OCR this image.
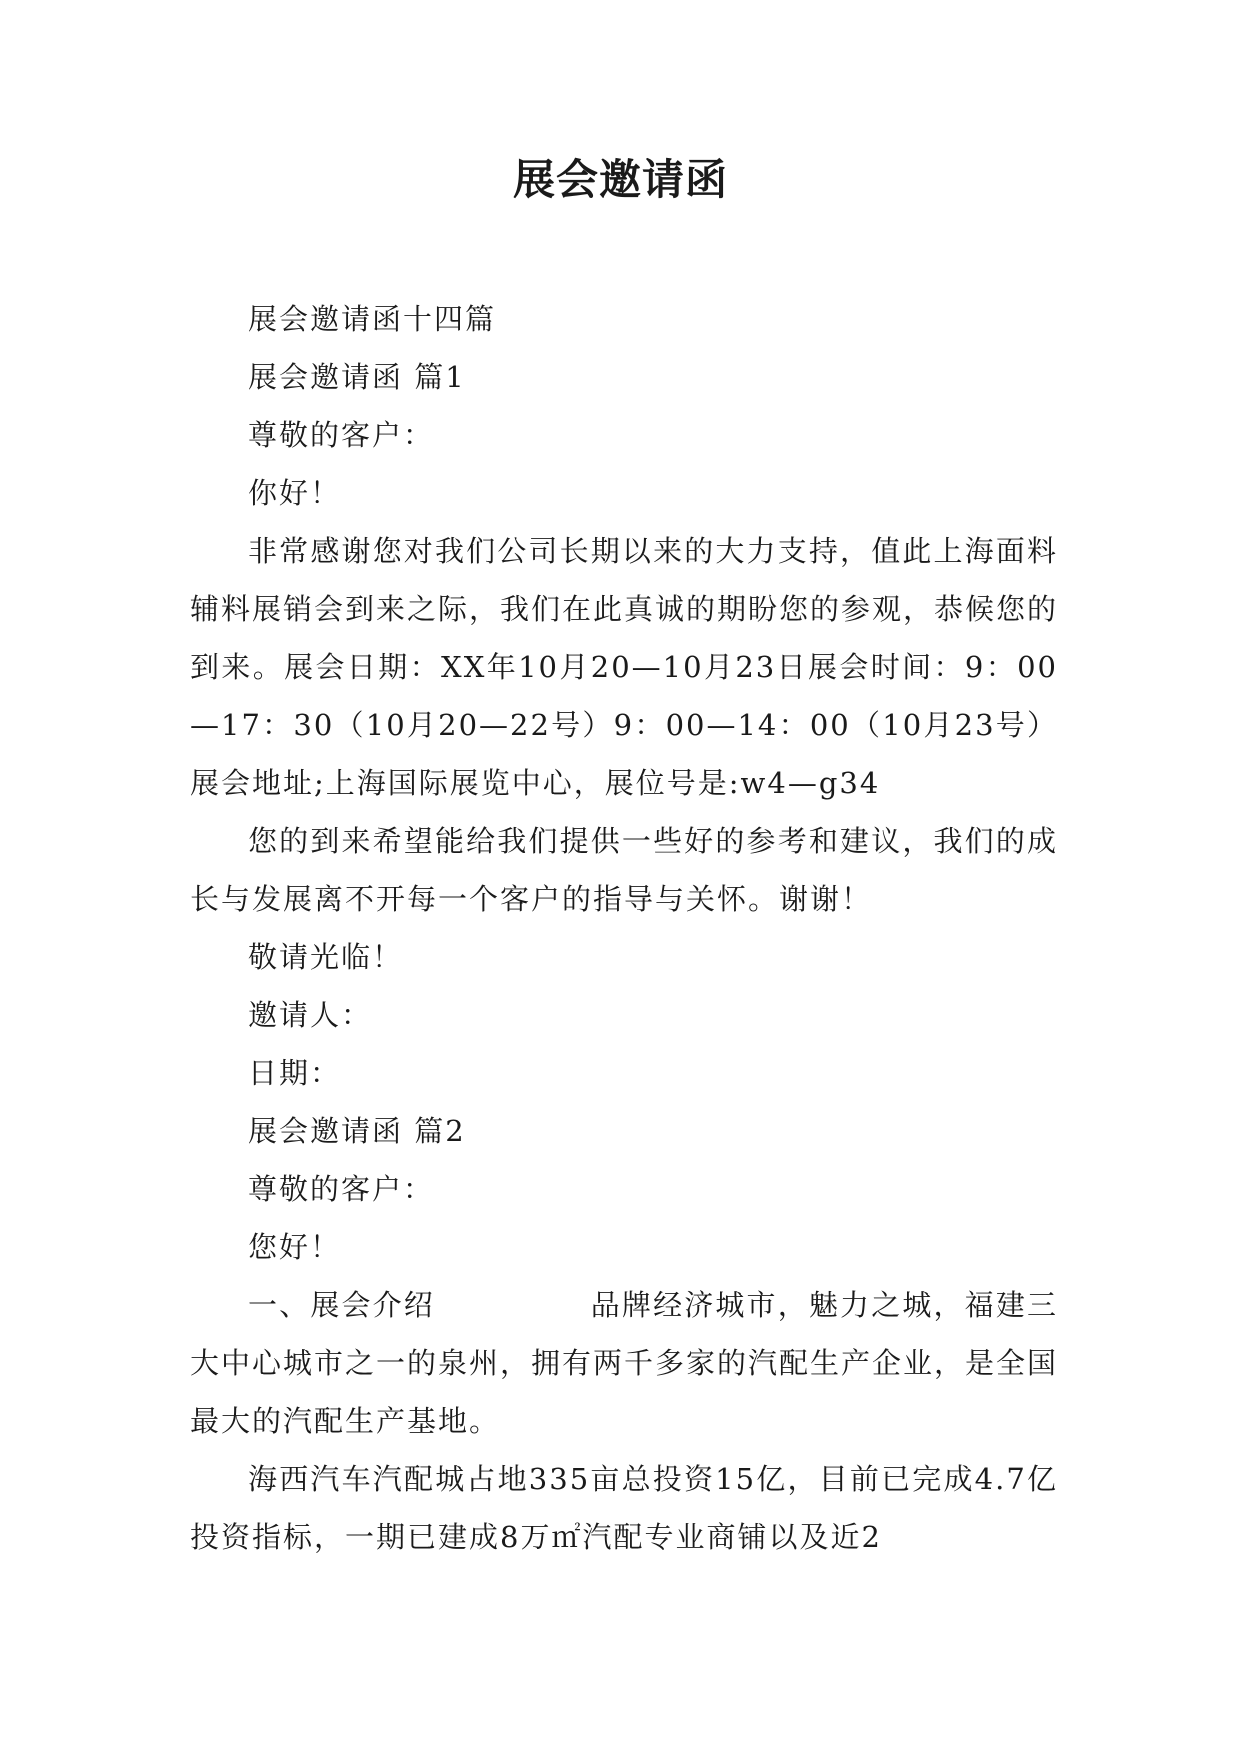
展会邀请函

展会邀请函十四篇

展会邀请函 篇1

尊敬的客户：

你好！

非常感谢您对我们公司长期以来的大力支持，值此上海面料辅料展销会到来之际，我们在此真诚的期盼您的参观，恭候您的到来。展会日期：XX年10月20—10月23日展会时间：9：00—17：30（10月20—22号）9：00—14：00（10月23号）展会地址;上海国际展览中心，展位号是:w4—g34

您的到来希望能给我们提供一些好的参考和建议，我们的成长与发展离不开每一个客户的指导与关怀。谢谢！

敬请光临！

邀请人：

日期：

展会邀请函 篇2

尊敬的客户：

您好！

一、展会介绍　　　　　品牌经济城市，魅力之城，福建三大中心城市之一的泉州，拥有两千多家的汽配生产企业，是全国最大的汽配生产基地。

海西汽车汽配城占地335亩总投资15亿，目前已完成4.7亿投资指标，一期已建成8万㎡汽配专业商铺以及近2
